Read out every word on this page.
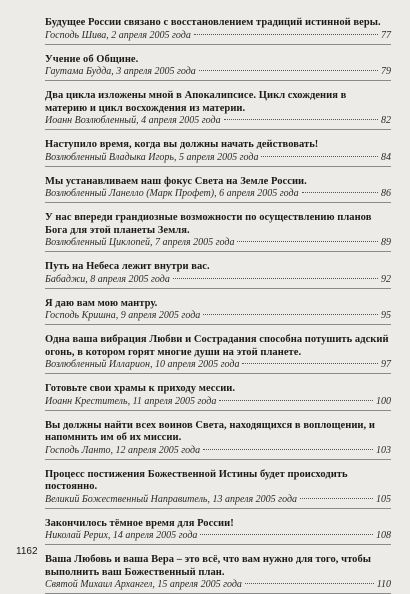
Будущее России связано с восстановлением традиций истинной веры.
Господь Шива, 2 апреля 2005 года	77
Учение об Общине.
Гаутама Будда, 3 апреля 2005 года	79
Два цикла изложены мной в Апокалипсисе. Цикл схождения в материю и цикл восхождения из материи.
Иоанн Возлюбленный, 4 апреля 2005 года	82
Наступило время, когда вы должны начать действовать!
Возлюбленный Владыка Игорь, 5 апреля 2005 года	84
Мы устанавливаем наш фокус Света на Земле России.
Возлюбленный Ланелло (Марк Профет), 6 апреля 2005 года	86
У нас впереди грандиозные возможности по осуществлению планов Бога для этой планеты Земля.
Возлюбленный Циклопей, 7 апреля 2005 года	89
Путь на Небеса лежит внутри вас.
Бабаджи, 8 апреля 2005 года	92
Я даю вам мою мантру.
Господь Кришна, 9 апреля 2005 года	95
Одна ваша вибрация Любви и Сострадания способна потушить адский огонь, в котором горят многие души на этой планете.
Возлюбленный Илларион, 10 апреля 2005 года	97
Готовьте свои храмы к приходу мессии.
Иоанн Креститель, 11 апреля 2005 года	100
Вы должны найти всех воинов Света, находящихся в воплощении, и напомнить им об их миссии.
Господь Ланто, 12 апреля 2005 года	103
Процесс постижения Божественной Истины будет происходить постоянно.
Великий Божественный Направитель, 13 апреля 2005 года	105
Закончилось тёмное время для России!
Николай Рерих, 14 апреля 2005 года	108
Ваша Любовь и ваша Вера – это всё, что вам нужно для того, чтобы выполнить ваш Божественный план.
Святой Михаил Архангел, 15 апреля 2005 года	110
1162
